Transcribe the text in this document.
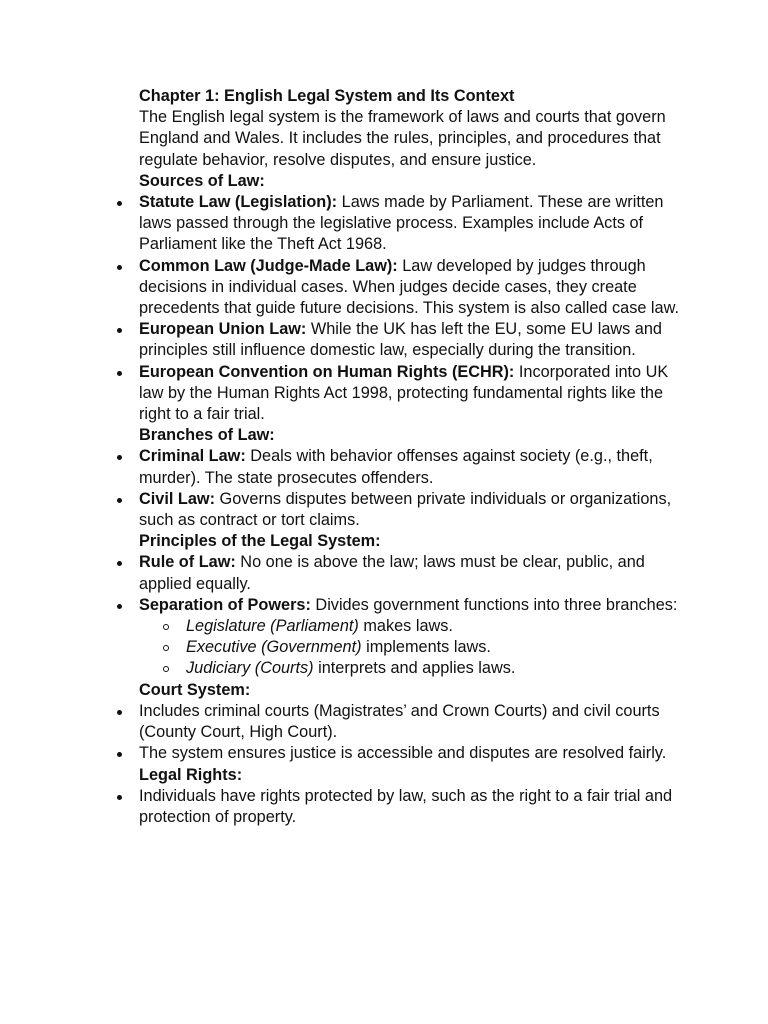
Chapter 1: English Legal System and Its Context

The English legal system is the framework of laws and courts that govern England and Wales. It includes the rules, principles, and procedures that regulate behavior, resolve disputes, and ensure justice.

Sources of Law:

Statute Law (Legislation): Laws made by Parliament. These are written laws passed through the legislative process. Examples include Acts of Parliament like the Theft Act 1968.
Common Law (Judge-Made Law): Law developed by judges through decisions in individual cases. When judges decide cases, they create precedents that guide future decisions. This system is also called case law.
European Union Law: While the UK has left the EU, some EU laws and principles still influence domestic law, especially during the transition.
European Convention on Human Rights (ECHR): Incorporated into UK law by the Human Rights Act 1998, protecting fundamental rights like the right to a fair trial.

Branches of Law:

Criminal Law: Deals with behavior offenses against society (e.g., theft, murder). The state prosecutes offenders.
Civil Law: Governs disputes between private individuals or organizations, such as contract or tort claims.

Principles of the Legal System:

Rule of Law: No one is above the law; laws must be clear, public, and applied equally.
Separation of Powers: Divides government functions into three branches:
Legislature (Parliament) makes laws.
Executive (Government) implements laws.
Judiciary (Courts) interprets and applies laws.

Court System:

Includes criminal courts (Magistrates’ and Crown Courts) and civil courts (County Court, High Court).
The system ensures justice is accessible and disputes are resolved fairly.

Legal Rights:

Individuals have rights protected by law, such as the right to a fair trial and protection of property.
